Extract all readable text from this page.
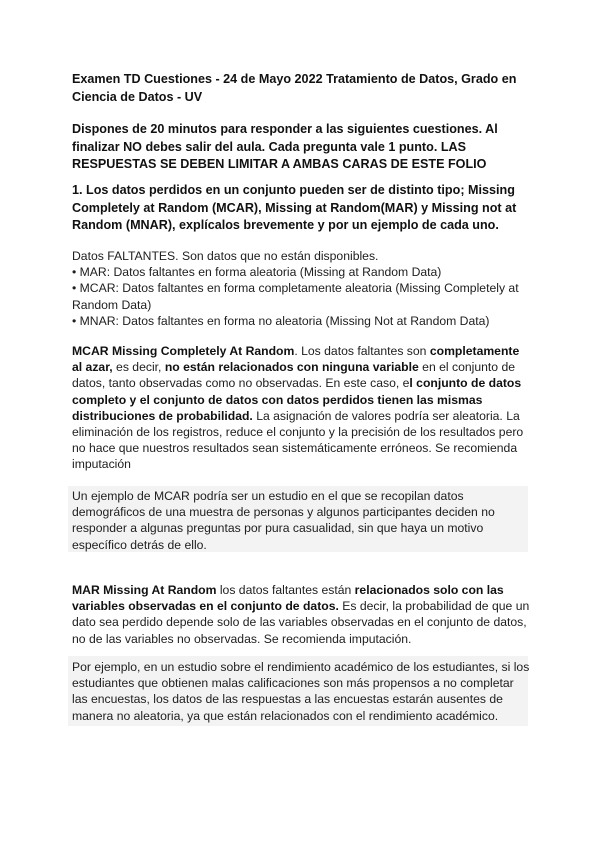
Examen TD Cuestiones - 24 de Mayo 2022 Tratamiento de Datos, Grado en
Ciencia de Datos - UV
Dispones de 20 minutos para responder a las siguientes cuestiones. Al
finalizar NO debes salir del aula. Cada pregunta vale 1 punto. LAS
RESPUESTAS SE DEBEN LIMITAR A AMBAS CARAS DE ESTE FOLIO
1. Los datos perdidos en un conjunto pueden ser de distinto tipo; Missing
Completely at Random (MCAR), Missing at Random(MAR) y Missing not at
Random (MNAR), explícalos brevemente y por un ejemplo de cada uno.
Datos FALTANTES. Son datos que no están disponibles.
• MAR: Datos faltantes en forma aleatoria (Missing at Random Data)
• MCAR: Datos faltantes en forma completamente aleatoria (Missing Completely at
Random Data)
• MNAR: Datos faltantes en forma no aleatoria (Missing Not at Random Data)
MCAR Missing Completely At Random. Los datos faltantes son completamente
al azar, es decir, no están relacionados con ninguna variable en el conjunto de
datos, tanto observadas como no observadas. En este caso, el conjunto de datos
completo y el conjunto de datos con datos perdidos tienen las mismas
distribuciones de probabilidad. La asignación de valores podría ser aleatoria. La
eliminación de los registros, reduce el conjunto y la precisión de los resultados pero
no hace que nuestros resultados sean sistemáticamente erróneos. Se recomienda
imputación
Un ejemplo de MCAR podría ser un estudio en el que se recopilan datos
demográficos de una muestra de personas y algunos participantes deciden no
responder a algunas preguntas por pura casualidad, sin que haya un motivo
específico detrás de ello.
MAR Missing At Random los datos faltantes están relacionados solo con las
variables observadas en el conjunto de datos. Es decir, la probabilidad de que un
dato sea perdido depende solo de las variables observadas en el conjunto de datos,
no de las variables no observadas. Se recomienda imputación.
Por ejemplo, en un estudio sobre el rendimiento académico de los estudiantes, si los
estudiantes que obtienen malas calificaciones son más propensos a no completar
las encuestas, los datos de las respuestas a las encuestas estarán ausentes de
manera no aleatoria, ya que están relacionados con el rendimiento académico.
